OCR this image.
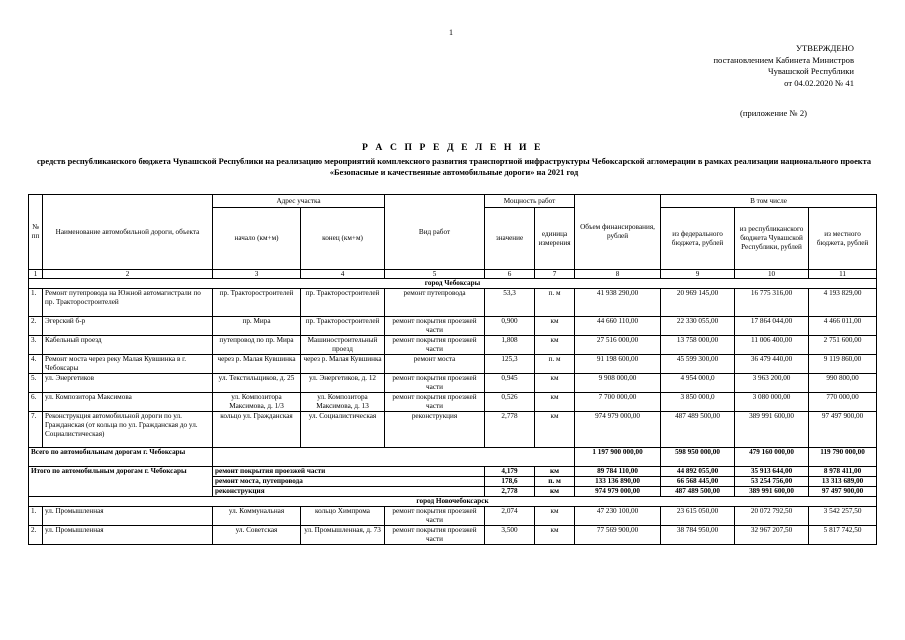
1
УТВЕРЖДЕНО
постановлением Кабинета Министров
Чувашской Республики
от 04.02.2020 № 41
(приложение № 2)
Р А С П Р Е Д Е Л Е Н И Е
средств республиканского бюджета Чувашской Республики на реализацию мероприятий комплексного развития транспортной инфраструктуры Чебоксарской агломерации в рамках реализации национального проекта «Безопасные и качественные автомобильные дороги» на 2021 год
№ пп	Наименование автомобильной дороги, объекта	Адрес участка		Вид работ	Мощность работ		Объем финансирования, рублей	В том числе		
		начало (км+м)	конец (км+м)		значение	единица измерения		из федерального бюджета, рублей	из республиканского бюджета Чувашской Республики, рублей	из местного бюджета, рублей
1	2	3	4	5	6	7	8	9	10	11
город Чебоксары										
1.	Ремонт путепровода на Южной автомагистрали по пр. Тракторостроителей	пр. Тракторостроителей	пр. Тракторостроителей	ремонт путепровода	53,3	п. м	41 938 290,00	20 969 145,00	16 775 316,00	4 193 829,00
2.	Эгерский б-р	пр. Мира	пр. Тракторостроителей	ремонт покрытия проезжей части	0,900	км	44 660 110,00	22 330 055,00	17 864 044,00	4 466 011,00
3.	Кабельный проезд	путепровод по пр. Мира	Машиностроительный проезд	ремонт покрытия проезжей части	1,808	км	27 516 000,00	13 758 000,00	11 006 400,00	2 751 600,00
4.	Ремонт моста через реку Малая Кувшинка в г. Чебоксары	через р. Малая Кувшинка	через р. Малая Кувшинка	ремонт моста	125,3	п. м	91 198 600,00	45 599 300,00	36 479 440,00	9 119 860,00
5.	ул. Энергетиков	ул. Текстильщиков, д. 25	ул. Энергетиков, д. 12	ремонт покрытия проезжей части	0,945	км	9 908 000,00	4 954 000,0	3 963 200,00	990 800,00
6.	ул. Композитора Максимова	ул. Композитора Максимова, д. 1/3	ул. Композитора Максимова, д. 13	ремонт покрытия проезжей части	0,526	км	7 700 000,00	3 850 000,0	3 080 000,00	770 000,00
7.	Реконструкция автомобильной дороги по ул. Гражданская (от кольца по ул. Гражданская до ул. Социалистическая)	кольцо ул. Гражданская	ул. Социалистическая	реконструкция	2,778	км	974 979 000,00	487 489 500,00	389 991 600,00	97 497 900,00
Всего по автомобильным дорогам г. Чебоксары							1 197 900 000,00	598 950 000,00	479 160 000,00	119 790 000,00
Итого по автомобильным дорогам г. Чебоксары		ремонт покрытия проезжей части			4,179	км	89 784 110,00	44 892 055,00	35 913 644,00	8 978 411,00
		ремонт моста, путепровода			178,6	п. м	133 136 890,00	66 568 445,00	53 254 756,00	13 313 689,00
		реконструкция			2,778	км	974 979 000,00	487 489 500,00	389 991 600,00	97 497 900,00
город Новочебоксарск										
1.	ул. Промышленная	ул. Коммунальная	кольцо Химпрома	ремонт покрытия проезжей части	2,074	км	47 230 100,00	23 615 050,00	20 072 792,50	3 542 257,50
2.	ул. Промышленная	ул. Советская	ул. Промышленная, д. 73	ремонт покрытия проезжей части	3,500	км	77 569 900,00	38 784 950,00	32 967 207,50	5 817 742,50
